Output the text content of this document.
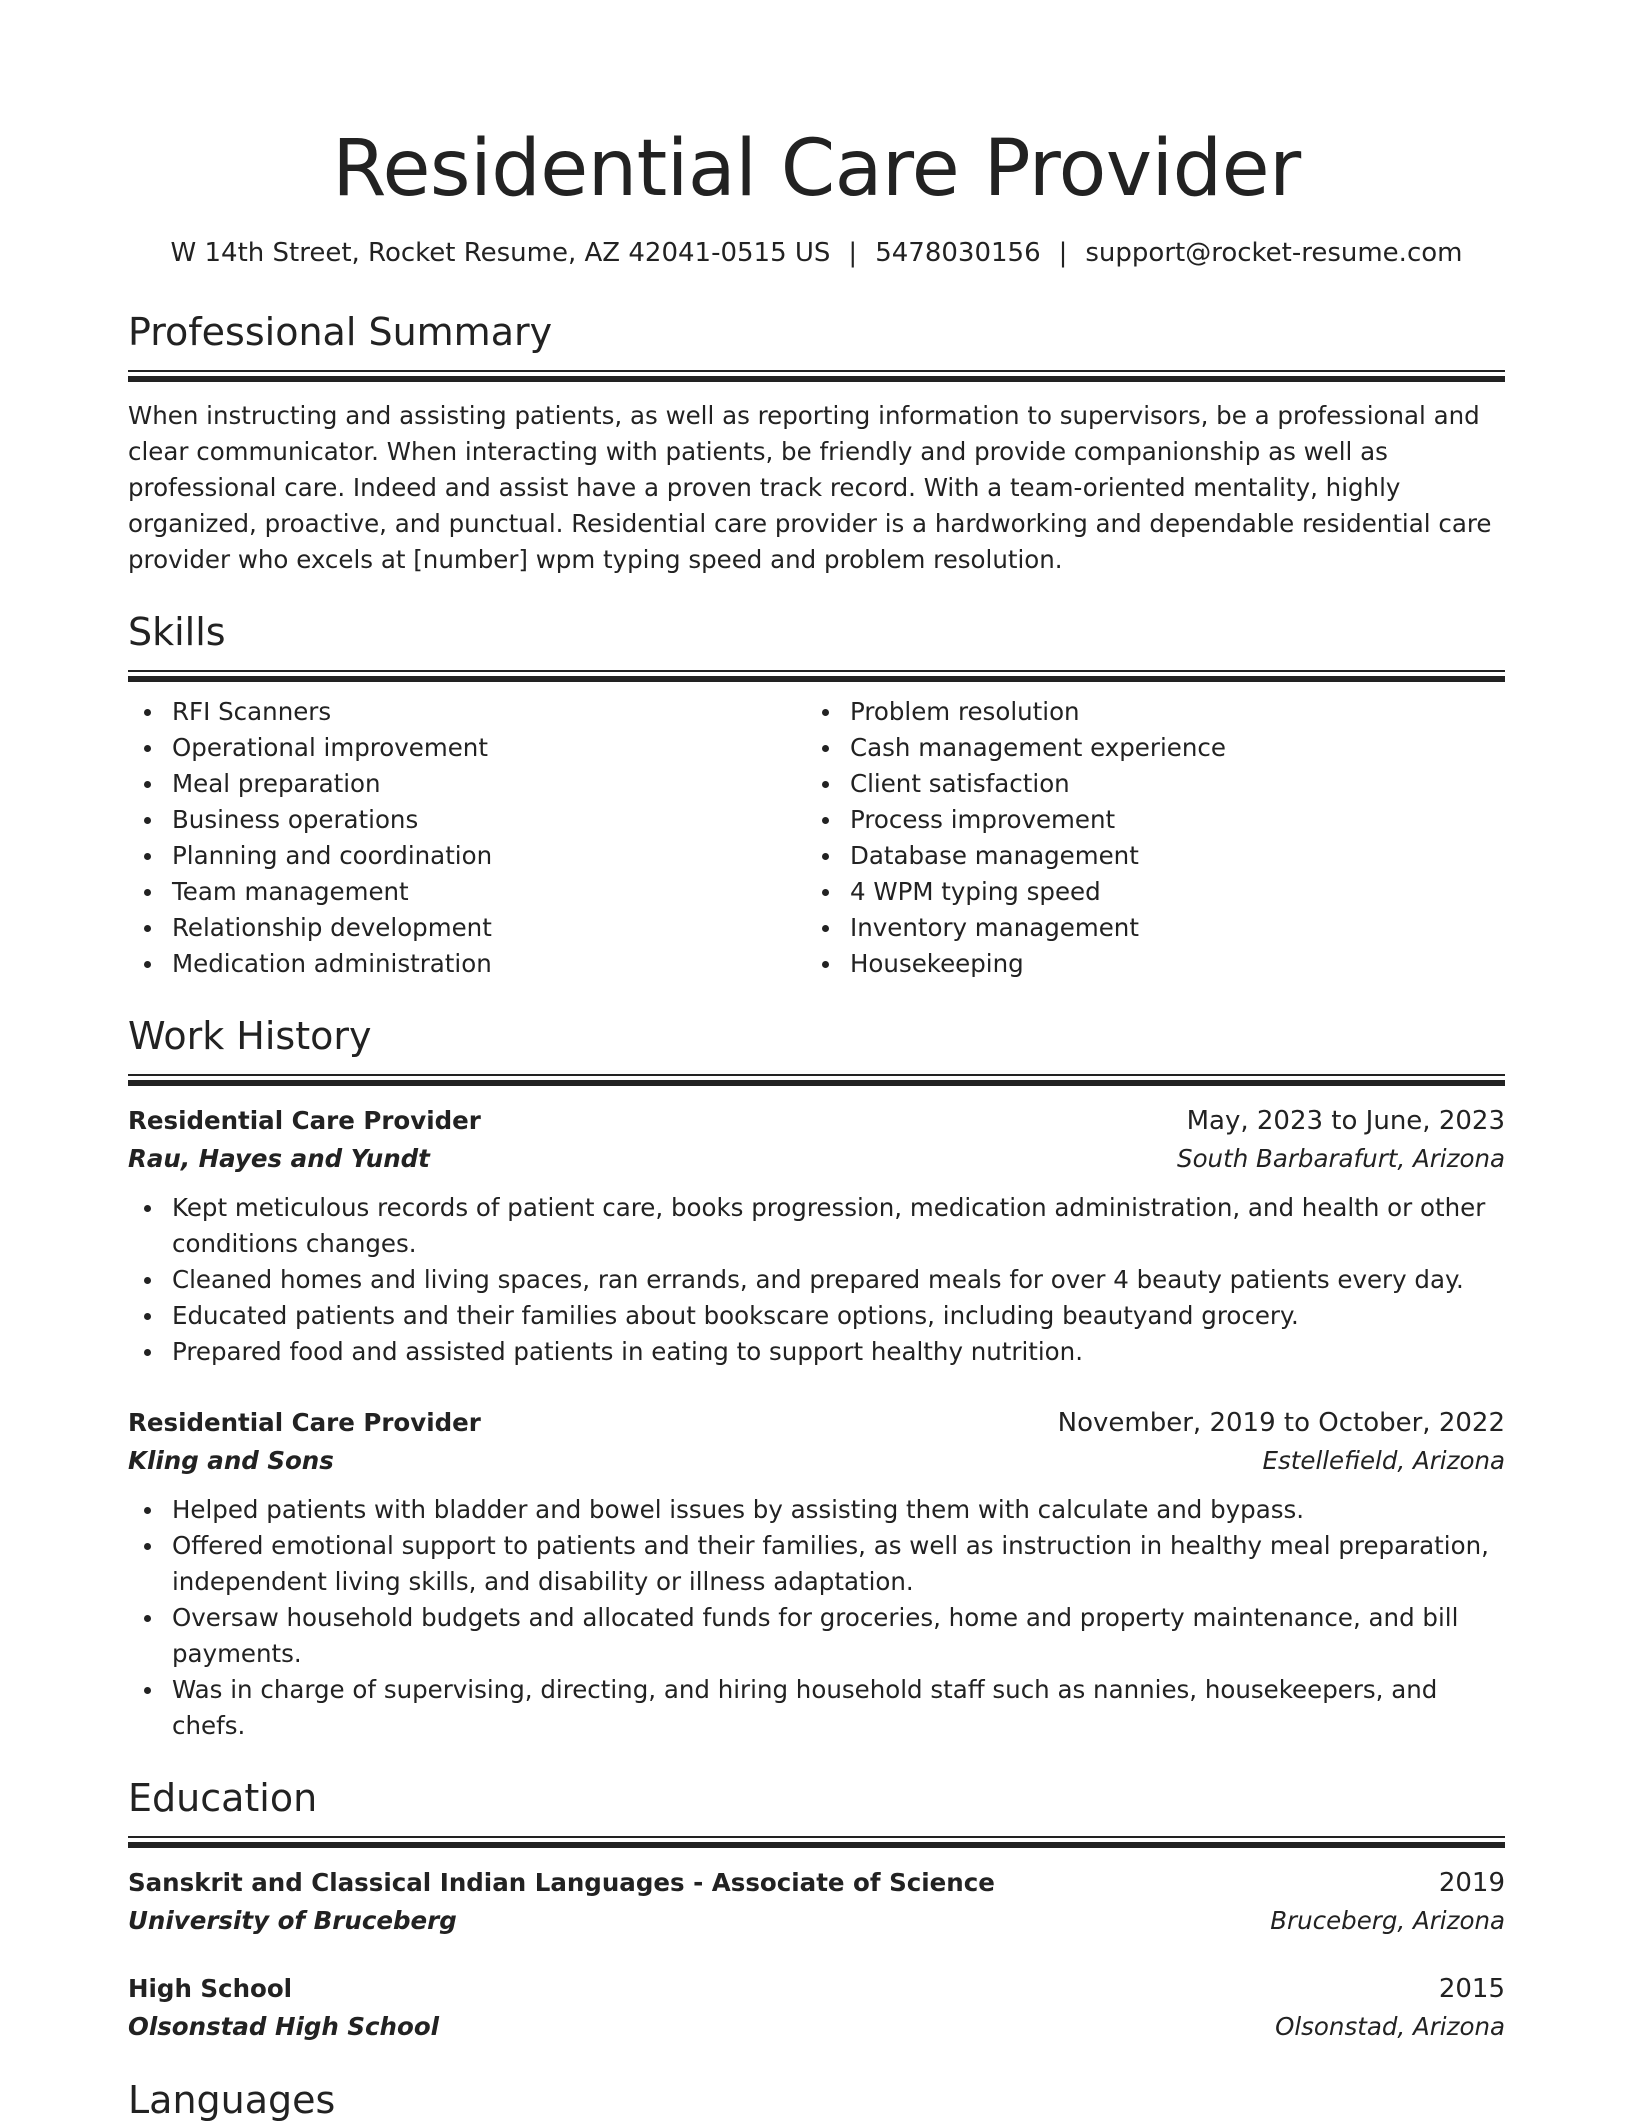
Residential Care Provider
W 14th Street, Rocket Resume, AZ 42041-0515 US | 5478030156 | support@rocket-resume.com
Professional Summary

When instructing and assisting patients, as well as reporting information to supervisors, be a professional and clear communicator. When interacting with patients, be friendly and provide companionship as well as professional care. Indeed and assist have a proven track record. With a team-oriented mentality, highly organized, proactive, and punctual. Residential care provider is a hardworking and dependable residential care provider who excels at [number] wpm typing speed and problem resolution.

Skills
RFI Scanners
Operational improvement
Meal preparation
Business operations
Planning and coordination
Team management
Relationship development
Medication administration
Problem resolution
Cash management experience
Client satisfaction
Process improvement
Database management
4 WPM typing speed
Inventory management
Housekeeping
Work History
Residential Care Provider	May, 2023 to June, 2023
Rau, Hayes and Yundt	South Barbarafurt, Arizona
Kept meticulous records of patient care, books progression, medication administration, and health or other conditions changes.
Cleaned homes and living spaces, ran errands, and prepared meals for over 4 beauty patients every day.
Educated patients and their families about bookscare options, including beautyand grocery.
Prepared food and assisted patients in eating to support healthy nutrition.
Residential Care Provider	November, 2019 to October, 2022
Kling and Sons	Estellefield, Arizona
Helped patients with bladder and bowel issues by assisting them with calculate and bypass.
Offered emotional support to patients and their families, as well as instruction in healthy meal preparation, independent living skills, and disability or illness adaptation.
Oversaw household budgets and allocated funds for groceries, home and property maintenance, and bill payments.
Was in charge of supervising, directing, and hiring household staff such as nannies, housekeepers, and chefs.
Education
Sanskrit and Classical Indian Languages - Associate of Science	2019
University of Bruceberg	Bruceberg, Arizona
High School	2015
Olsonstad High School	Olsonstad, Arizona
Languages
